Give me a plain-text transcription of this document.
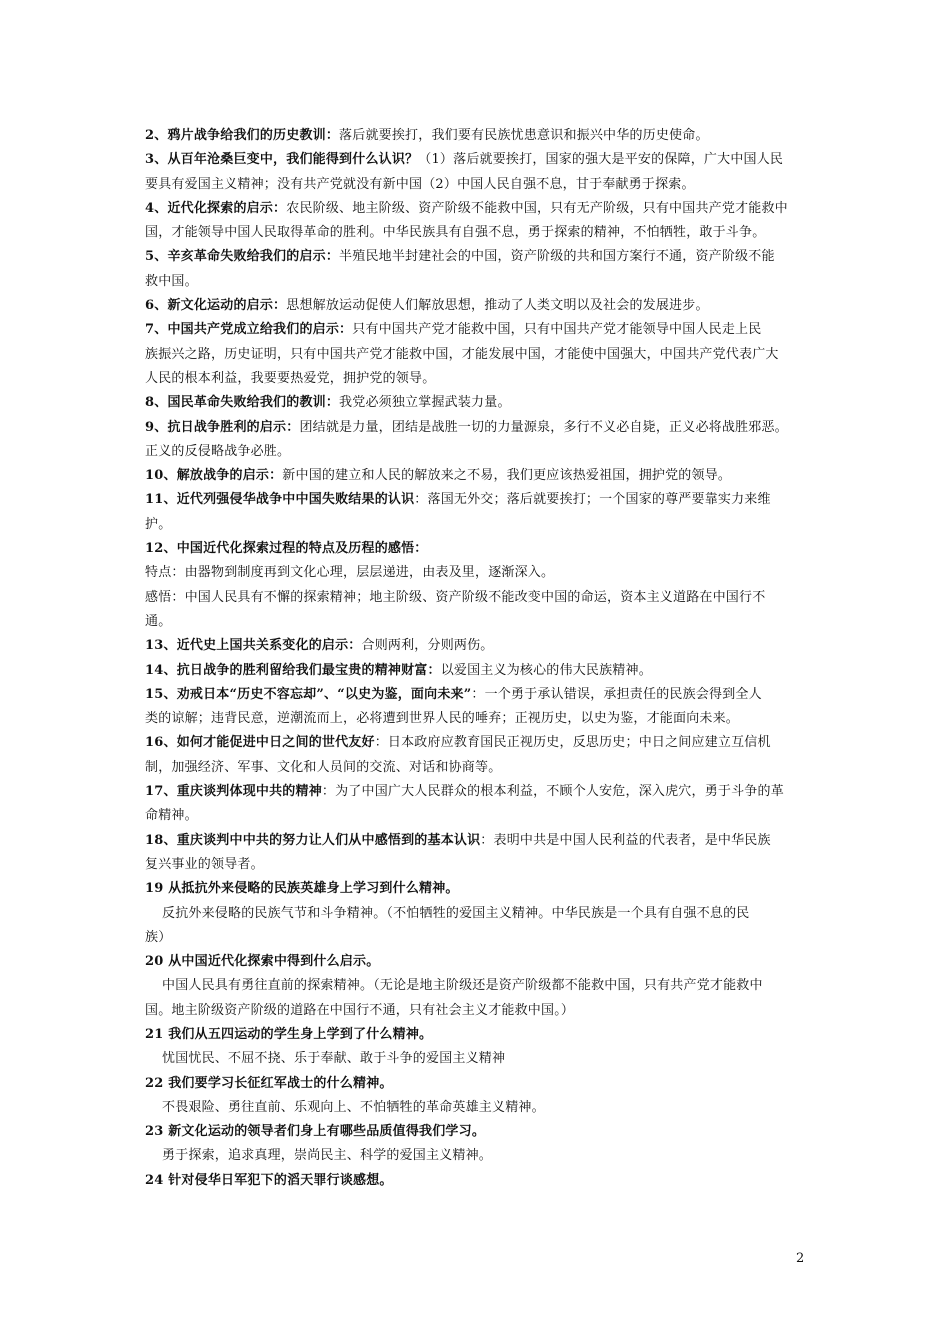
2、鸦片战争给我们的历史教训：落后就要挨打，我们要有民族忧患意识和振兴中华的历史使命。
3、从百年沧桑巨变中，我们能得到什么认识？（1）落后就要挨打，国家的强大是平安的保障，广大中国人民
要具有爱国主义精神；没有共产党就没有新中国（2）中国人民自强不息，甘于奉献勇于探索。
4、近代化探索的启示：农民阶级、地主阶级、资产阶级不能救中国，只有无产阶级，只有中国共产党才能救中
国，才能领导中国人民取得革命的胜利。中华民族具有自强不息，勇于探索的精神，不怕牺牲，敢于斗争。
5、辛亥革命失败给我们的启示：半殖民地半封建社会的中国，资产阶级的共和国方案行不通，资产阶级不能
救中国。
6、新文化运动的启示：思想解放运动促使人们解放思想，推动了人类文明以及社会的发展进步。
7、中国共产党成立给我们的启示：只有中国共产党才能救中国，只有中国共产党才能领导中国人民走上民
族振兴之路，历史证明，只有中国共产党才能救中国，才能发展中国，才能使中国强大，中国共产党代表广大
人民的根本利益，我要要热爱党，拥护党的领导。
8、国民革命失败给我们的教训：我党必须独立掌握武装力量。
9、抗日战争胜利的启示：团结就是力量，团结是战胜一切的力量源泉，多行不义必自毙，正义必将战胜邪恶。
正义的反侵略战争必胜。
10、解放战争的启示：新中国的建立和人民的解放来之不易，我们更应该热爱祖国，拥护党的领导。
11、近代列强侵华战争中中国失败结果的认识：落国无外交；落后就要挨打；一个国家的尊严要靠实力来维
护。
12、中国近代化探索过程的特点及历程的感悟：
特点：由器物到制度再到文化心理，层层递进，由表及里，逐渐深入。
感悟：中国人民具有不懈的探索精神；地主阶级、资产阶级不能改变中国的命运，资本主义道路在中国行不
通。
13、近代史上国共关系变化的启示：合则两利，分则两伤。
14、抗日战争的胜利留给我们最宝贵的精神财富：以爱国主义为核心的伟大民族精神。
15、劝戒日本“历史不容忘却”、“以史为鉴，面向未来”：一个勇于承认错误，承担责任的民族会得到全人
类的谅解；违背民意，逆潮流而上，必将遭到世界人民的唾弃；正视历史，以史为鉴，才能面向未来。
16、如何才能促进中日之间的世代友好：日本政府应教育国民正视历史，反思历史；中日之间应建立互信机
制，加强经济、军事、文化和人员间的交流、对话和协商等。
17、重庆谈判体现中共的精神：为了中国广大人民群众的根本利益，不顾个人安危，深入虎穴，勇于斗争的革
命精神。
18、重庆谈判中中共的努力让人们从中感悟到的基本认识：表明中共是中国人民利益的代表者，是中华民族
复兴事业的领导者。
19 从抵抗外来侵略的民族英雄身上学习到什么精神。
反抗外来侵略的民族气节和斗争精神。（不怕牺牲的爱国主义精神。中华民族是一个具有自强不息的民
族）
20 从中国近代化探索中得到什么启示。
中国人民具有勇往直前的探索精神。（无论是地主阶级还是资产阶级都不能救中国，只有共产党才能救中
国。地主阶级资产阶级的道路在中国行不通，只有社会主义才能救中国。）
21 我们从五四运动的学生身上学到了什么精神。
忧国忧民、不屈不挠、乐于奉献、敢于斗争的爱国主义精神
22 我们要学习长征红军战士的什么精神。
不畏艰险、勇往直前、乐观向上、不怕牺牲的革命英雄主义精神。
23 新文化运动的领导者们身上有哪些品质值得我们学习。
勇于探索，追求真理，崇尚民主、科学的爱国主义精神。
24 针对侵华日军犯下的滔天罪行谈感想。
2
